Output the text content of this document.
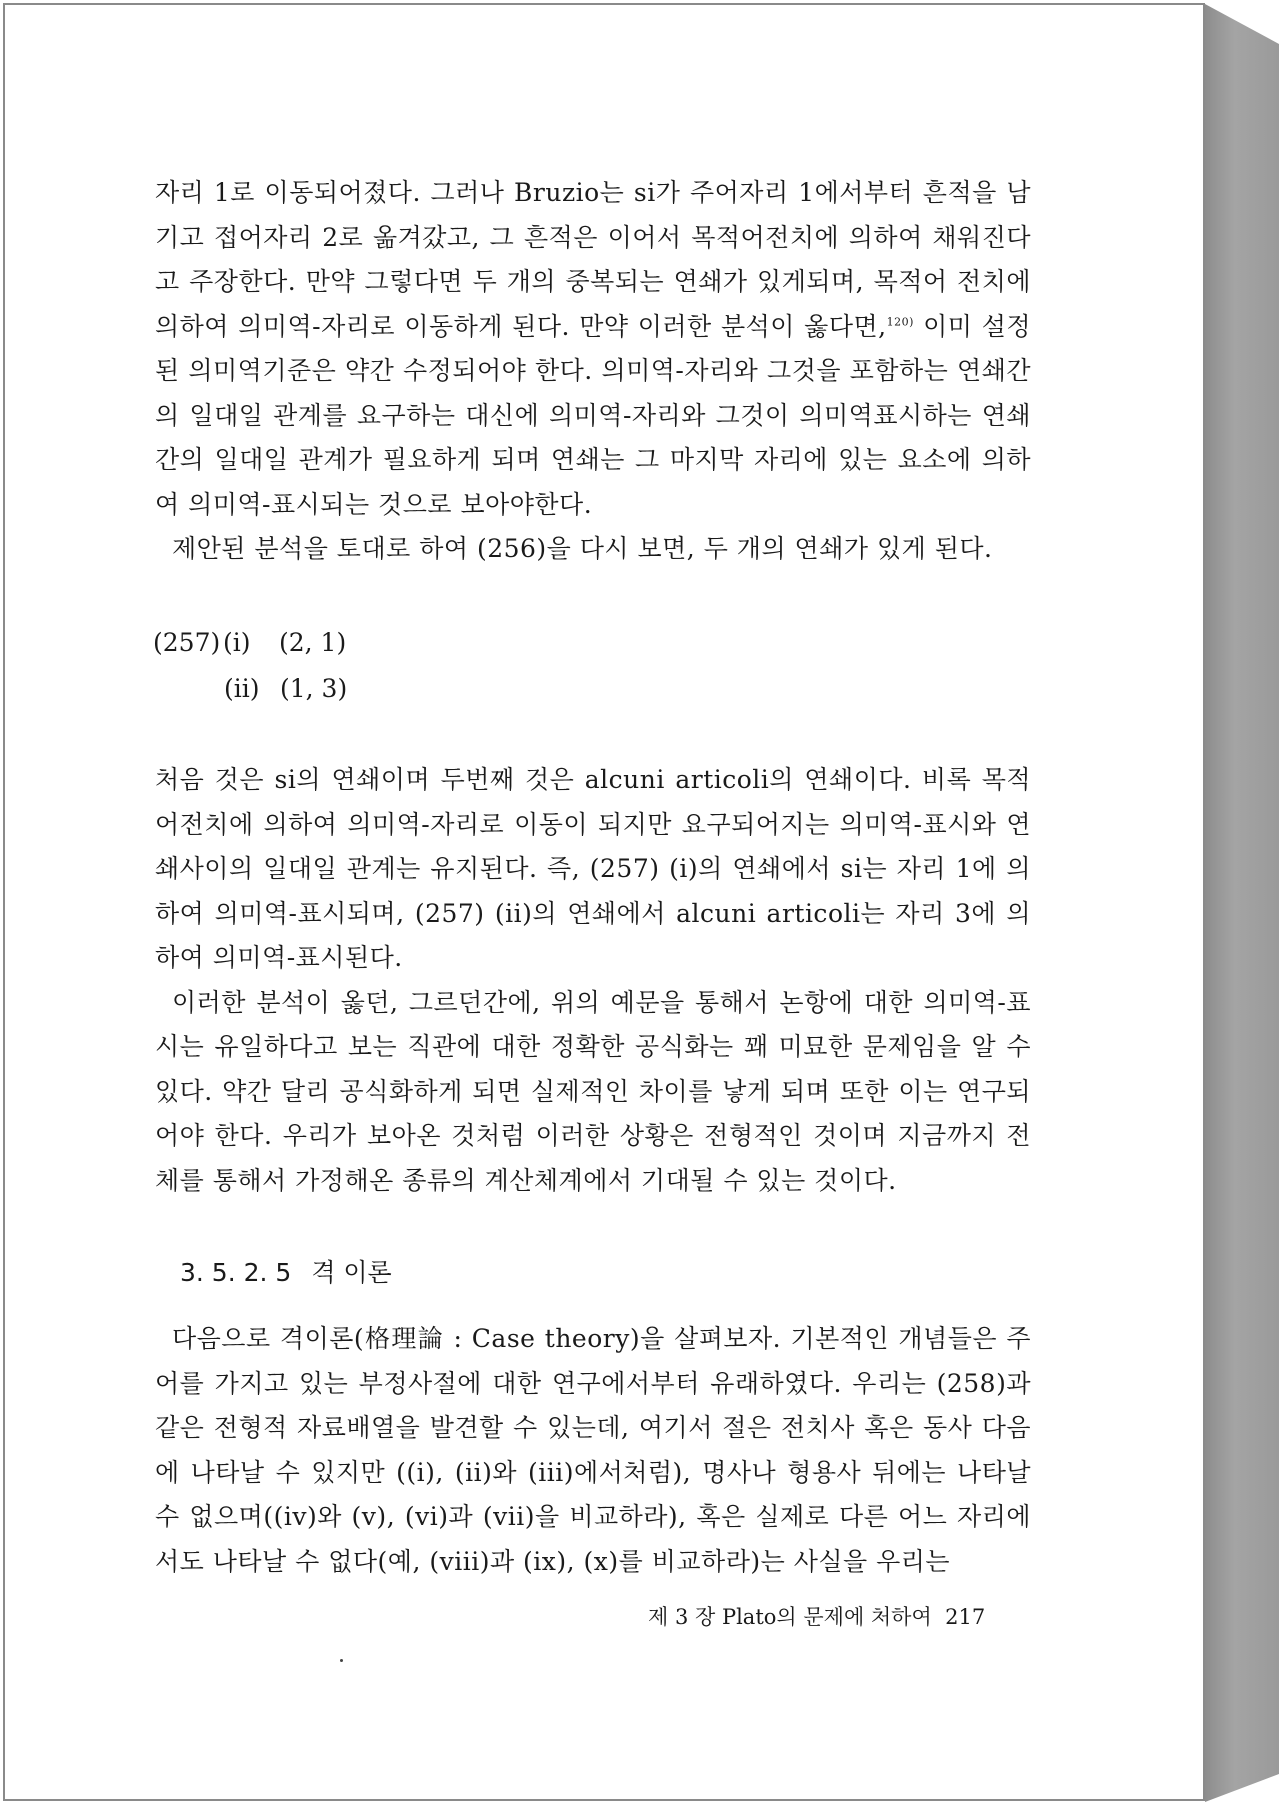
자리 1로 이동되어졌다. 그러나 Bruzio는 si가 주어자리 1에서부터 흔적을 남기고 접어자리 2로 옮겨갔고, 그 흔적은 이어서 목적어전치에 의하여 채워진다고 주장한다. 만약 그렇다면 두 개의 중복되는 연쇄가 있게되며, 목적어 전치에 의하여 의미역-자리로 이동하게 된다. 만약 이러한 분석이 옳다면,$^{120)}$ 이미 설정된 의미역기준은 약간 수정되어야 한다. 의미역-자리와 그것을 포함하는 연쇄간의 일대일 관계를 요구하는 대신에 의미역-자리와 그것이 의미역표시하는 연쇄간의 일대일 관계가 필요하게 되며 연쇄는 그 마지막 자리에 있는 요소에 의하여 의미역-표시되는 것으로 보아야한다.

제안된 분석을 토대로 하여 (256)을 다시 보면, 두 개의 연쇄가 있게 된다.

(257) (i) (2, 1)
(ii) (1, 3)

처음 것은 si의 연쇄이며 두번째 것은 alcuni articoli의 연쇄이다. 비록 목적어전치에 의하여 의미역-자리로 이동이 되지만 요구되어지는 의미역-표시와 연쇄사이의 일대일 관계는 유지된다. 즉, (257) (i)의 연쇄에서 si는 자리 1에 의하여 의미역-표시되며, (257) (ii)의 연쇄에서 alcuni articoli는 자리 3에 의하여 의미역-표시된다.

이러한 분석이 옳던, 그르던간에, 위의 예문을 통해서 논항에 대한 의미역-표시는 유일하다고 보는 직관에 대한 정확한 공식화는 꽤 미묘한 문제임을 알 수 있다. 약간 달리 공식화하게 되면 실제적인 차이를 낳게 되며 또한 이는 연구되어야 한다. 우리가 보아온 것처럼 이러한 상황은 전형적인 것이며 지금까지 전체를 통해서 가정해온 종류의 계산체계에서 기대될 수 있는 것이다.

3. 5. 2. 5 격 이론

다음으로 격이론(格理論 : Case theory)을 살펴보자. 기본적인 개념들은 주어를 가지고 있는 부정사절에 대한 연구에서부터 유래하였다. 우리는 (258)과 같은 전형적 자료배열을 발견할 수 있는데, 여기서 절은 전치사 혹은 동사 다음에 나타날 수 있지만 ((i), (ii)와 (iii)에서처럼), 명사나 형용사 뒤에는 나타날 수 없으며((iv)와 (v), (vi)과 (vii)을 비교하라), 혹은 실제로 다른 어느 자리에서도 나타날 수 없다(예, (viii)과 (ix), (x)를 비교하라)는 사실을 우리는

제 3 장 Plato의 문제에 처하여 217
